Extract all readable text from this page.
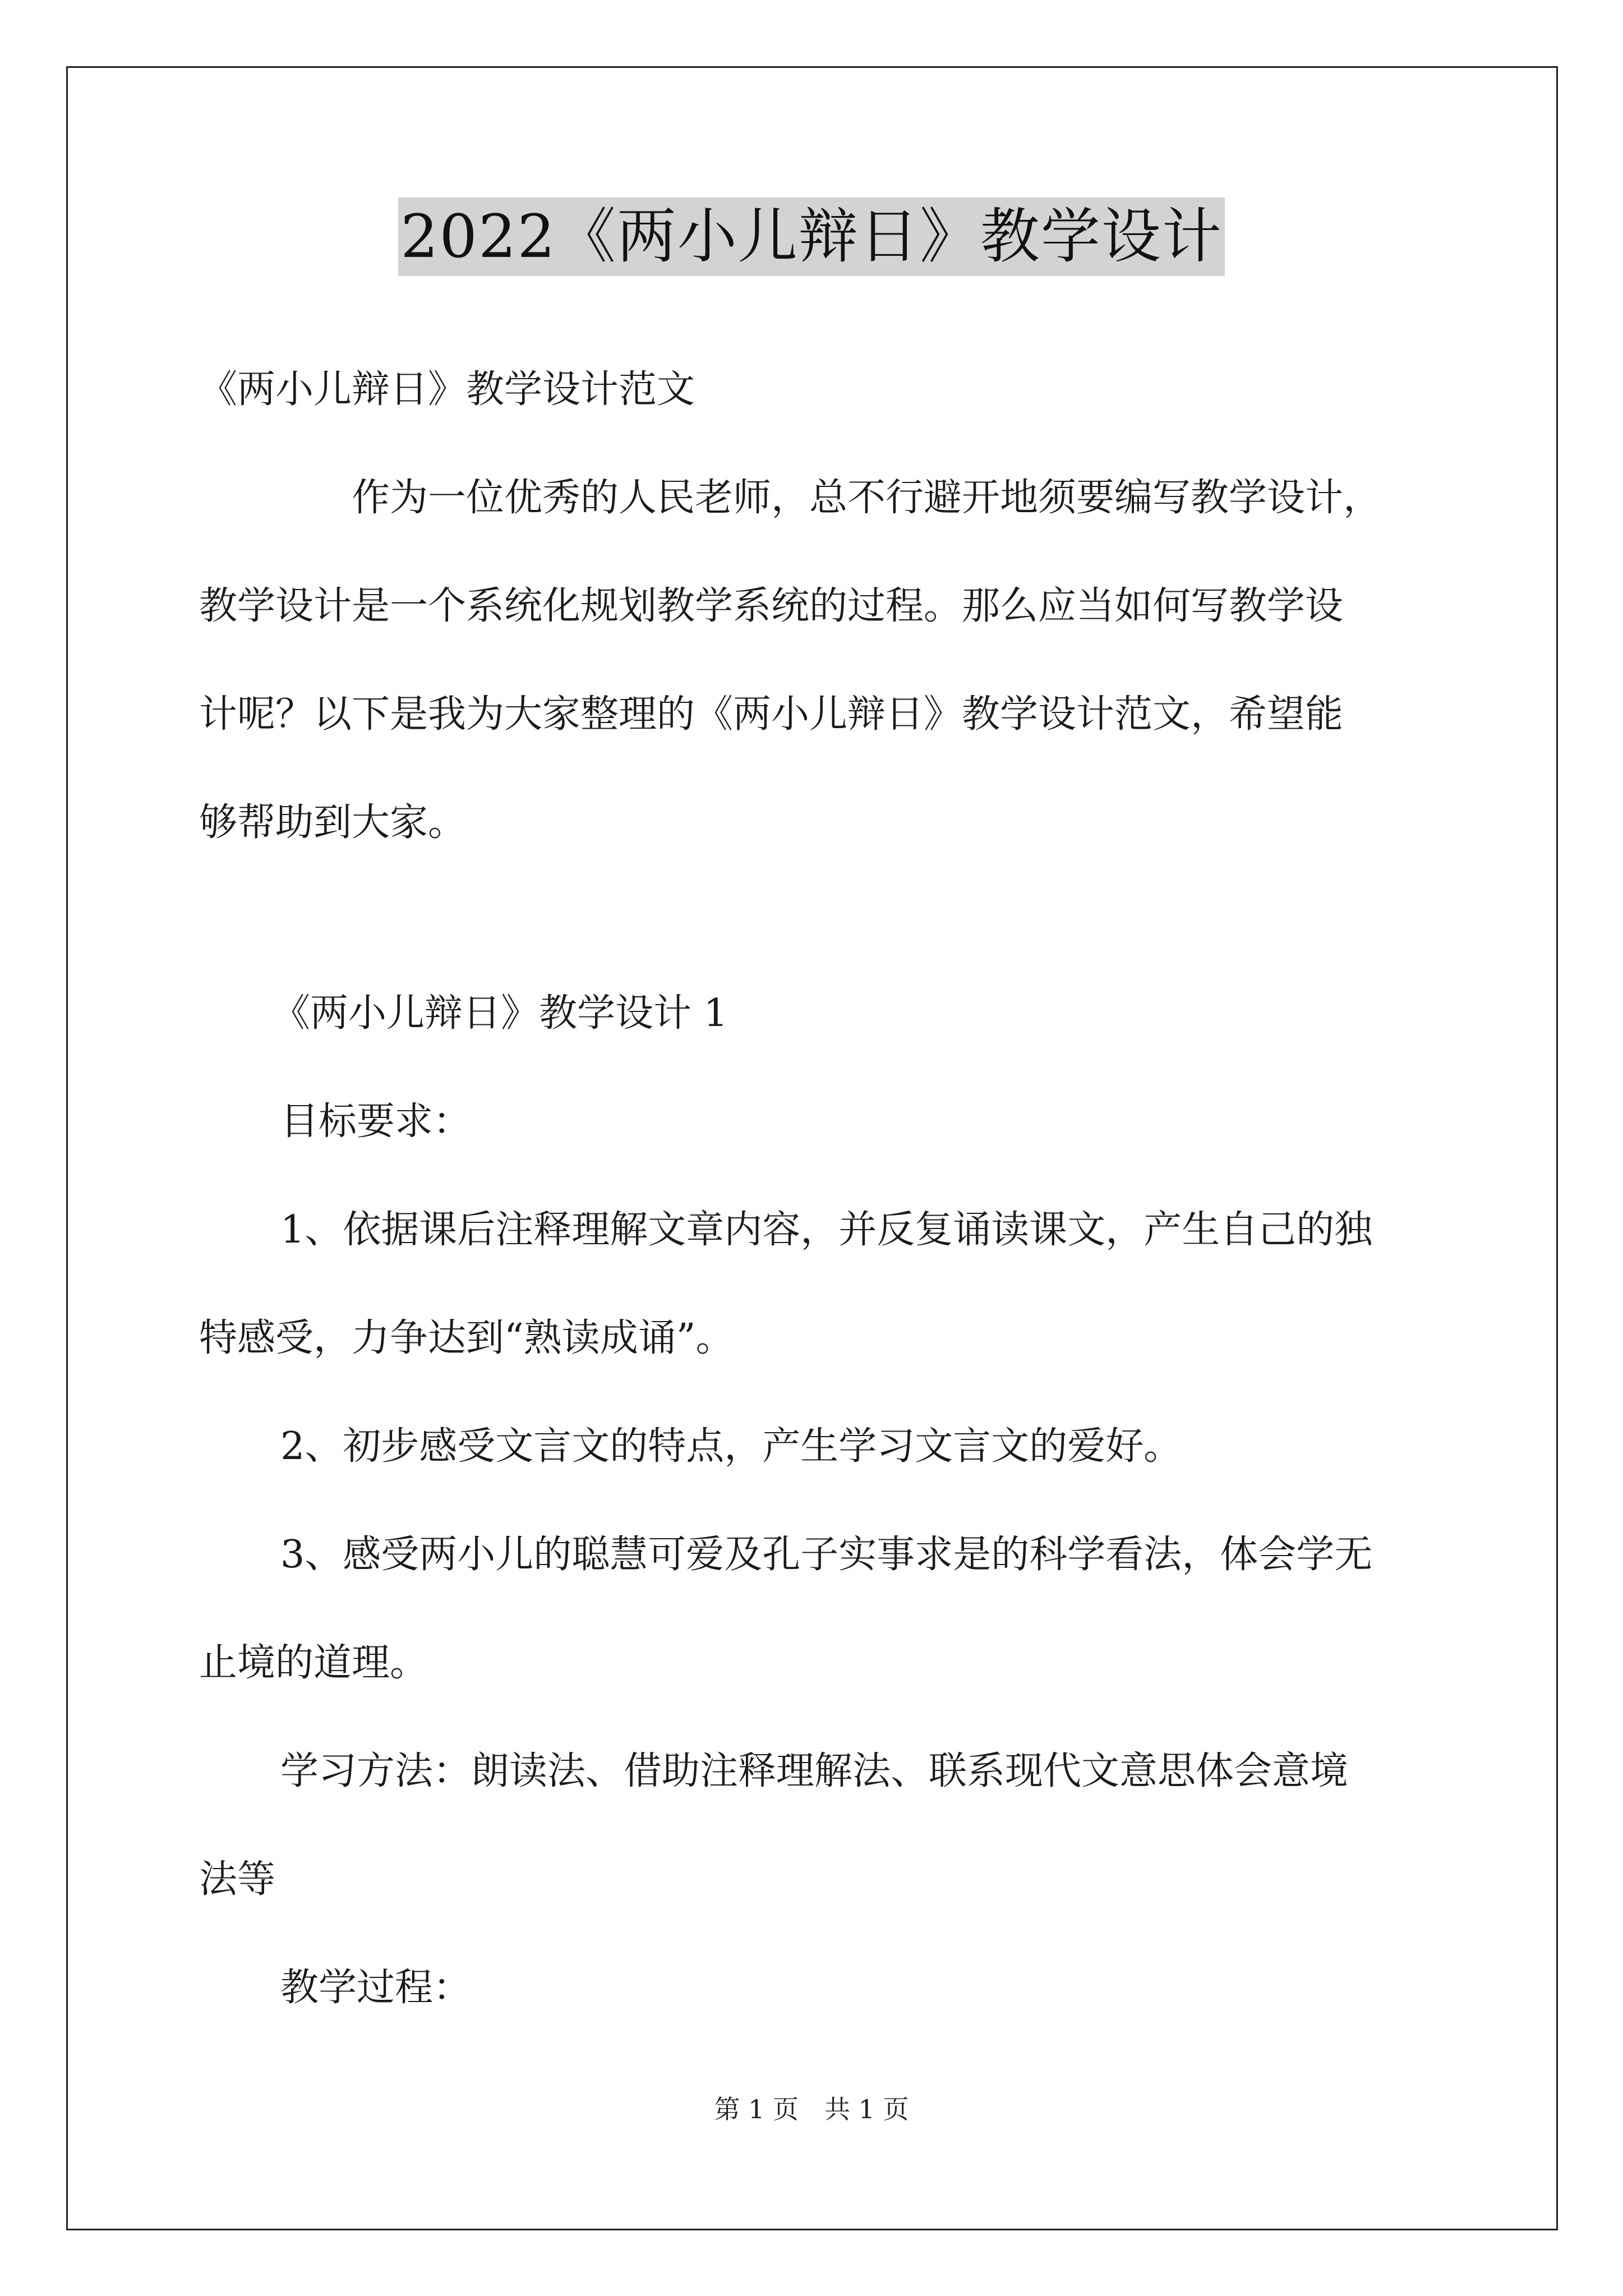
2022《两小儿辩日》教学设计
《两小儿辩日》教学设计范文
作为一位优秀的人民老师，总不行避开地须要编写教学设计，
教学设计是一个系统化规划教学系统的过程。那么应当如何写教学设
计呢？以下是我为大家整理的《两小儿辩日》教学设计范文，希望能
够帮助到大家。
《两小儿辩日》教学设计 1
目标要求：
1、依据课后注释理解文章内容，并反复诵读课文，产生自己的独
特感受，力争达到“熟读成诵”。
2、初步感受文言文的特点，产生学习文言文的爱好。
3、感受两小儿的聪慧可爱及孔子实事求是的科学看法，体会学无
止境的道理。
学习方法：朗读法、借助注释理解法、联系现代文意思体会意境
法等
教学过程：
第 1 页　共 1 页
